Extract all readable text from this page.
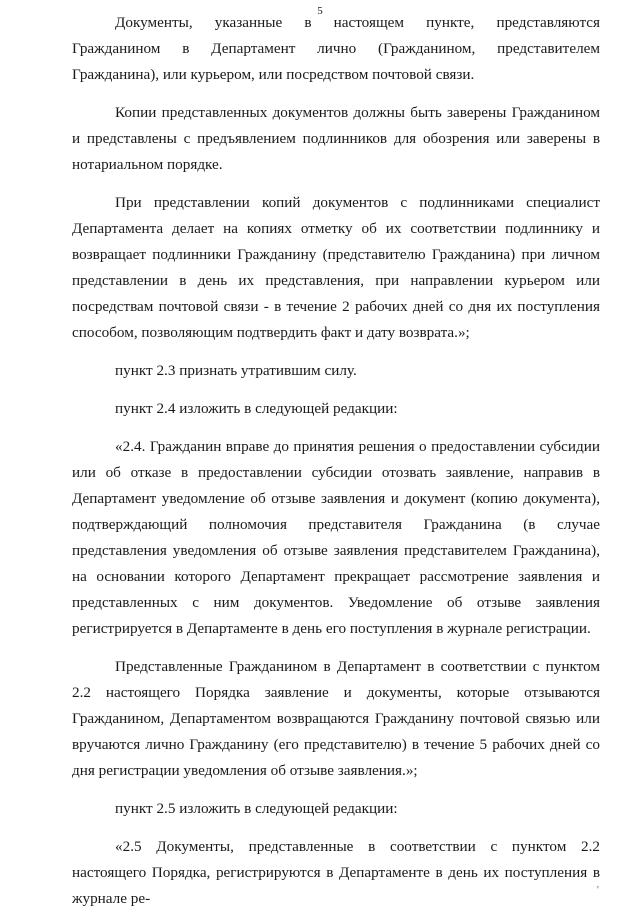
5

Документы, указанные в настоящем пункте, представляются Гражданином в Департамент лично (Гражданином, представителем Гражданина), или курьером, или посредством почтовой связи.

Копии представленных документов должны быть заверены Гражданином и представлены с предъявлением подлинников для обозрения или заверены в нотариальном порядке.

При представлении копий документов с подлинниками специалист Департамента делает на копиях отметку об их соответствии подлиннику и возвращает подлинники Гражданину (представителю Гражданина) при личном представлении в день их представления, при направлении курьером или посредствам почтовой связи - в течение 2 рабочих дней со дня их поступления способом, позволяющим подтвердить факт и дату возврата.»;

пункт 2.3 признать утратившим силу.

пункт 2.4 изложить в следующей редакции:

«2.4. Гражданин вправе до принятия решения о предоставлении субсидии или об отказе в предоставлении субсидии отозвать заявление, направив в Департамент уведомление об отзыве заявления и документ (копию документа), подтверждающий полномочия представителя Гражданина (в случае представления уведомления об отзыве заявления представителем Гражданина), на основании которого Департамент прекращает рассмотрение заявления и представленных с ним документов. Уведомление об отзыве заявления регистрируется в Департаменте в день его поступления в журнале регистрации.

Представленные Гражданином в Департамент в соответствии с пунктом 2.2 настоящего Порядка заявление и документы, которые отзываются Гражданином, Департаментом возвращаются Гражданину почтовой связью или вручаются лично Гражданину (его представителю) в течение 5 рабочих дней со дня регистрации уведомления об отзыве заявления.»;

пункт 2.5 изложить в следующей редакции:

«2.5 Документы, представленные в соответствии с пунктом 2.2 настоящего Порядка, регистрируются в Департаменте в день их поступления в журнале ре-	'
